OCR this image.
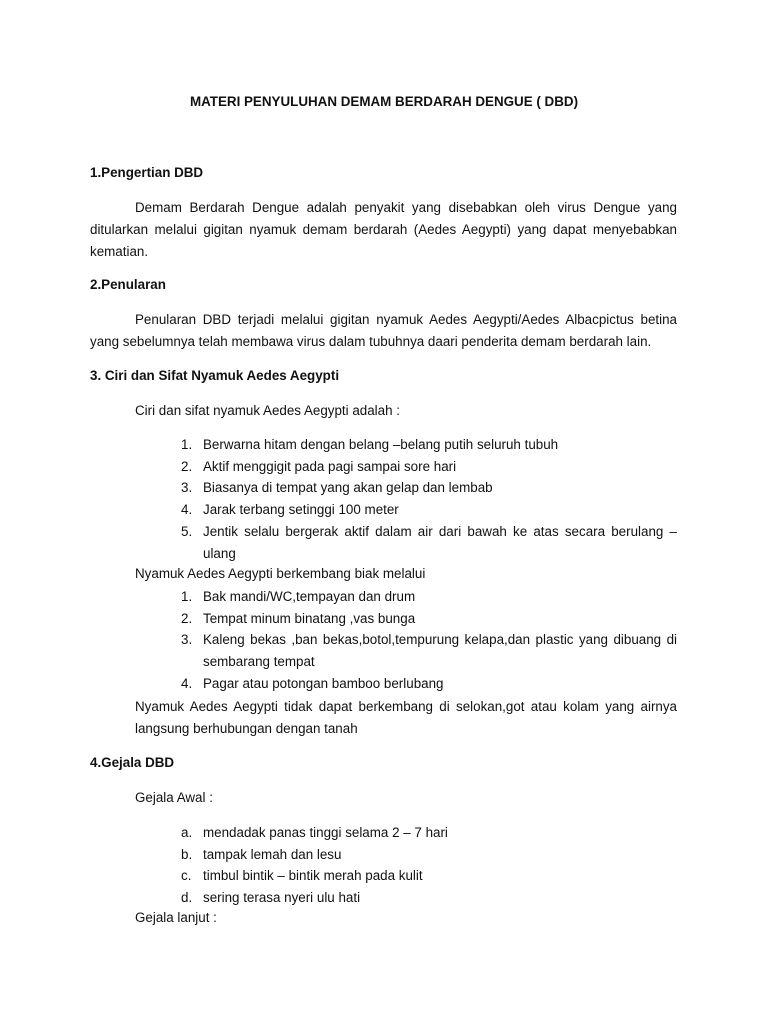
MATERI PENYULUHAN DEMAM BERDARAH DENGUE ( DBD)
1.Pengertian DBD

Demam Berdarah Dengue adalah penyakit yang disebabkan oleh virus Dengue yang ditularkan melalui gigitan nyamuk demam berdarah (Aedes Aegypti) yang dapat menyebabkan kematian.

2.Penularan

Penularan DBD terjadi melalui gigitan nyamuk Aedes Aegypti/Aedes Albacpictus betina yang sebelumnya telah membawa virus dalam tubuhnya daari penderita demam berdarah lain.

3. Ciri dan Sifat Nyamuk Aedes Aegypti
Ciri dan sifat nyamuk Aedes Aegypti adalah :
1. Berwarna hitam dengan belang –belang putih seluruh tubuh
2. Aktif menggigit pada pagi sampai sore hari
3. Biasanya di tempat yang akan gelap dan lembab
4. Jarak terbang setinggi 100 meter
5. Jentik selalu bergerak aktif dalam air dari bawah ke atas secara berulang – ulang
Nyamuk Aedes Aegypti berkembang biak melalui
1. Bak mandi/WC,tempayan dan drum
2. Tempat minum binatang ,vas bunga
3. Kaleng bekas ,ban bekas,botol,tempurung kelapa,dan plastic yang dibuang di sembarang tempat
4. Pagar atau potongan bamboo berlubang

Nyamuk Aedes Aegypti tidak dapat berkembang di selokan,got atau kolam yang airnya langsung berhubungan dengan tanah

4.Gejala DBD
Gejala Awal :
a. mendadak panas tinggi selama 2 – 7 hari
b. tampak lemah dan lesu
c. timbul bintik – bintik merah pada kulit
d. sering terasa nyeri ulu hati
Gejala lanjut :
